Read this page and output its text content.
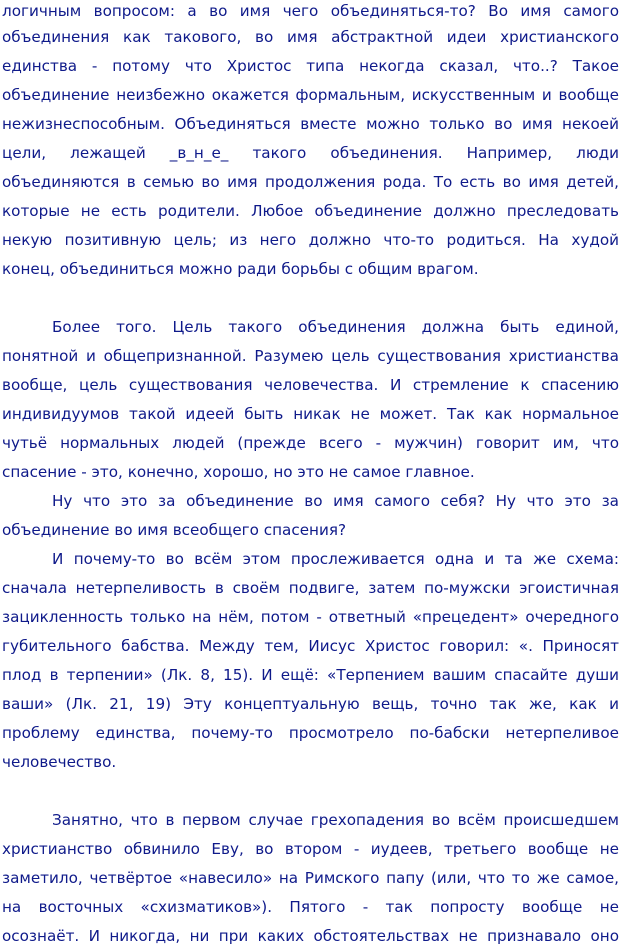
логичным вопросом: а во имя чего объединяться-то? Во имя самого
объединения как такового, во имя абстрактной идеи христианского
единства - потому что Христос типа некогда сказал, что..? Такое
объединение неизбежно окажется формальным, искусственным и вообще
нежизнеспособным. Объединяться вместе можно только во имя некоей
цели, лежащей _в_н_е_ такого объединения. Например, люди
объединяются в семью во имя продолжения рода. То есть во имя детей,
которые не есть родители. Любое объединение должно преследовать
некую позитивную цель; из него должно что-то родиться. На худой
конец, объединиться можно ради борьбы с общим врагом.
Более того. Цель такого объединения должна быть единой,
понятной и общепризнанной. Разумею цель существования христианства
вообще, цель существования человечества. И стремление к спасению
индивидуумов такой идеей быть никак не может. Так как нормальное
чутьё нормальных людей (прежде всего - мужчин) говорит им, что
спасение - это, конечно, хорошо, но это не самое главное.
Ну что это за объединение во имя самого себя? Ну что это за
объединение во имя всеобщего спасения?
И почему-то во всём этом прослеживается одна и та же схема:
сначала нетерпеливость в своём подвиге, затем по-мужски эгоистичная
зацикленность только на нём, потом - ответный «прецедент» очередного
губительного бабства. Между тем, Иисус Христос говорил: «. Приносят
плод в терпении» (Лк. 8, 15). И ещё: «Терпением вашим спасайте души
ваши» (Лк. 21, 19) Эту концептуальную вещь, точно так же, как и
проблему единства, почему-то просмотрело по-бабски нетерпеливое
человечество.
Занятно, что в первом случае грехопадения во всём происшедшем
христианство обвинило Еву, во втором - иудеев, третьего вообще не
заметило, четвёртое «навесило» на Римского папу (или, что то же самое,
на восточных «схизматиков»). Пятого - так попросту вообще не
осознаёт. И никогда, ни при каких обстоятельствах не признавало оно
